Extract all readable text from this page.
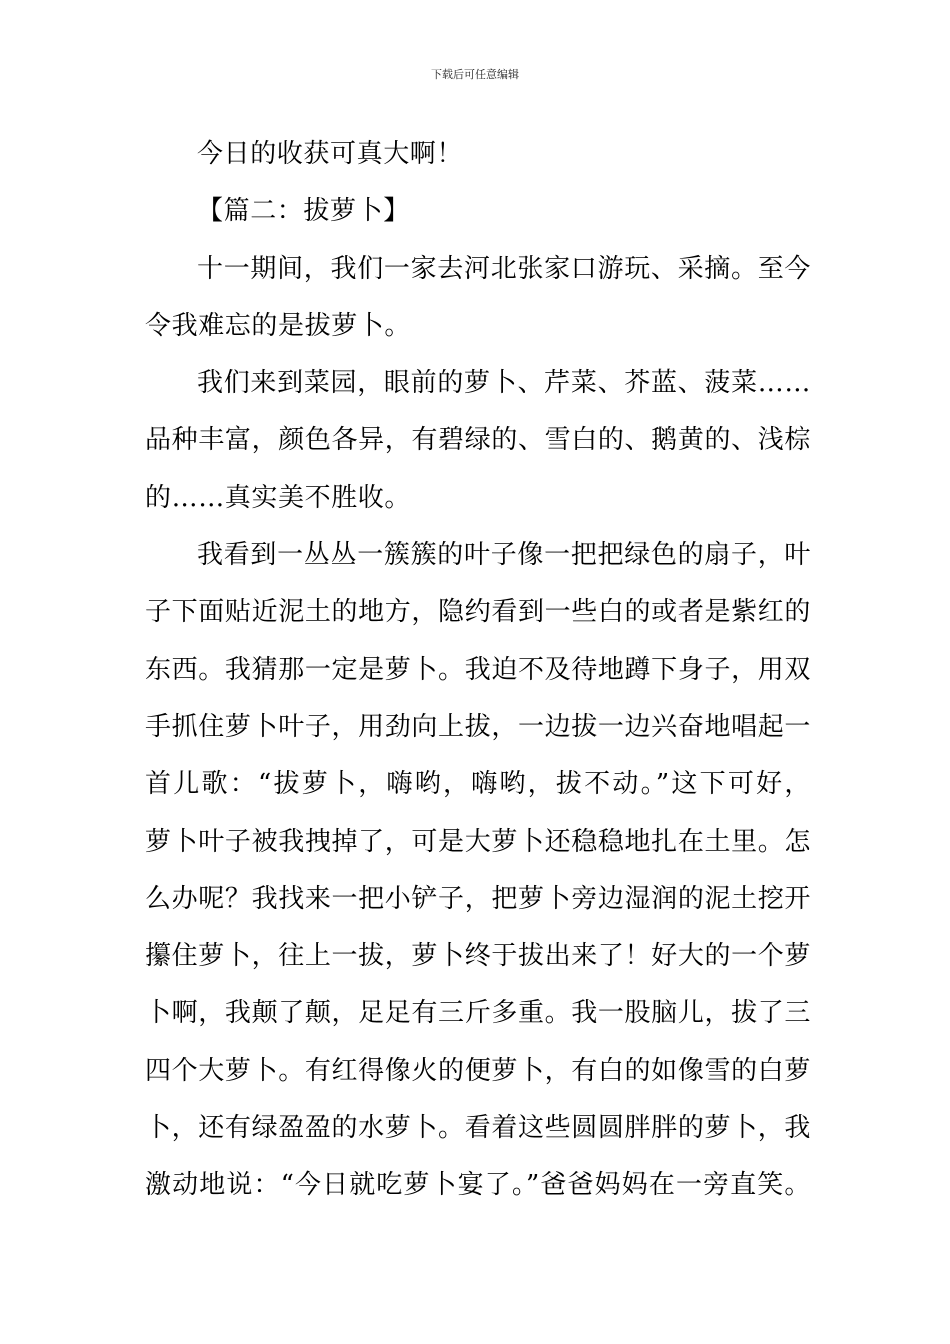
下载后可任意编辑
今日的收获可真大啊！
【篇二：拔萝卜】
十一期间，我们一家去河北张家口游玩、采摘。至今
令我难忘的是拔萝卜。
我们来到菜园，眼前的萝卜、芹菜、芥蓝、菠菜……
品种丰富，颜色各异，有碧绿的、雪白的、鹅黄的、浅棕
的……真实美不胜收。
我看到一丛丛一簇簇的叶子像一把把绿色的扇子，叶
子下面贴近泥土的地方，隐约看到一些白的或者是紫红的
东西。我猜那一定是萝卜。我迫不及待地蹲下身子，用双
手抓住萝卜叶子，用劲向上拔，一边拔一边兴奋地唱起一
首儿歌：“拔萝卜，嗨哟，嗨哟，拔不动。”这下可好，
萝卜叶子被我拽掉了，可是大萝卜还稳稳地扎在土里。怎
么办呢？我找来一把小铲子，把萝卜旁边湿润的泥土挖开
攥住萝卜，往上一拔，萝卜终于拔出来了！好大的一个萝
卜啊，我颠了颠，足足有三斤多重。我一股脑儿，拔了三
四个大萝卜。有红得像火的便萝卜，有白的如像雪的白萝
卜，还有绿盈盈的水萝卜。看着这些圆圆胖胖的萝卜，我
激动地说：“今日就吃萝卜宴了。”爸爸妈妈在一旁直笑。
